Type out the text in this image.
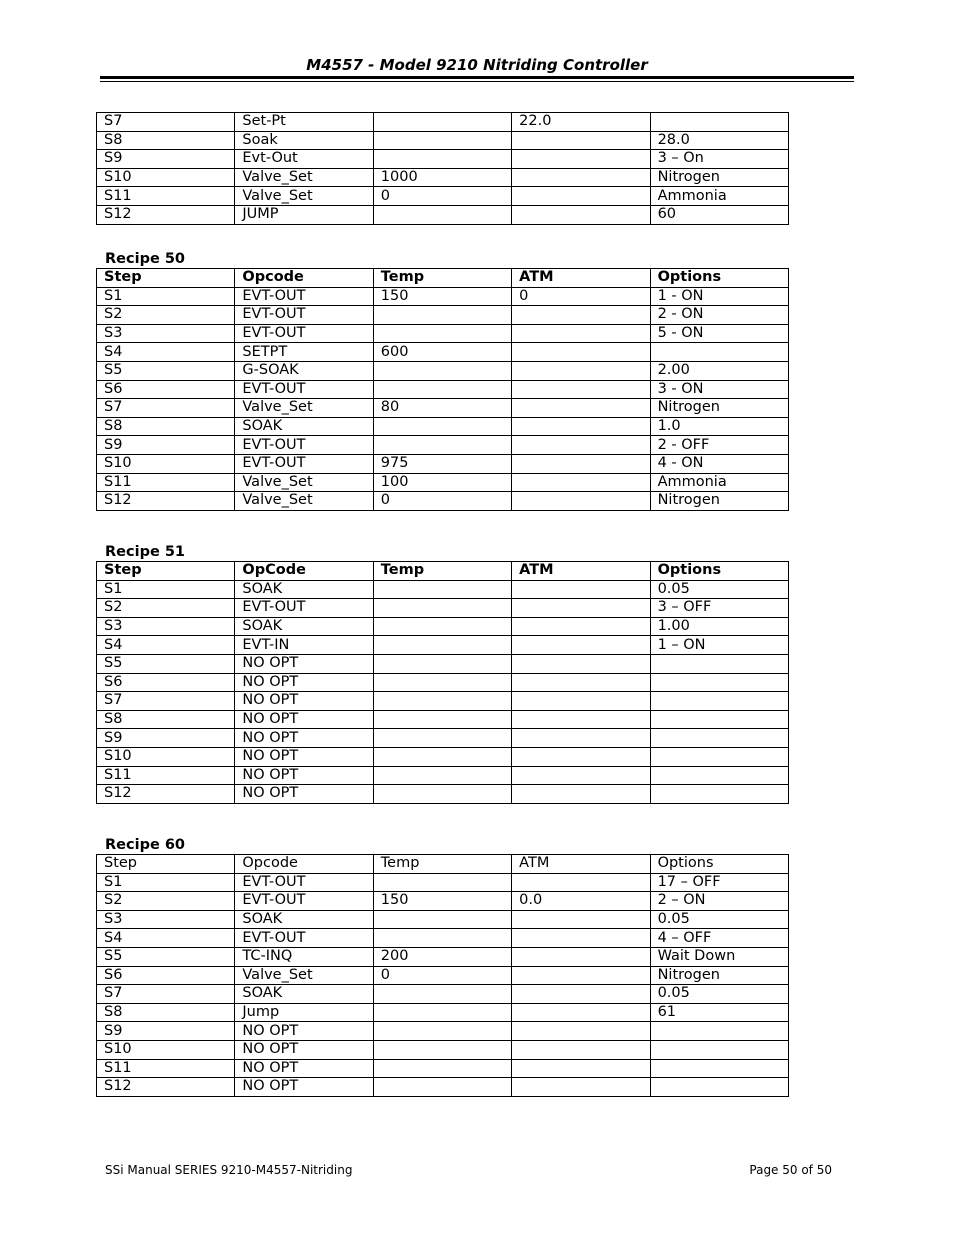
M4557 - Model 9210 Nitriding Controller
S7	Set-Pt		22.0	
S8	Soak			28.0
S9	Evt-Out			3 – On
S10	Valve_Set	1000		Nitrogen
S11	Valve_Set	0		Ammonia
S12	JUMP			60
Recipe 50
Step	Opcode	Temp	ATM	Options
S1	EVT-OUT	150	0	1 - ON
S2	EVT-OUT			2 - ON
S3	EVT-OUT			5 - ON
S4	SETPT	600		
S5	G-SOAK			2.00
S6	EVT-OUT			3 - ON
S7	Valve_Set	80		Nitrogen
S8	SOAK			1.0
S9	EVT-OUT			2 - OFF
S10	EVT-OUT	975		4 - ON
S11	Valve_Set	100		Ammonia
S12	Valve_Set	0		Nitrogen
Recipe 51
Step	OpCode	Temp	ATM	Options
S1	SOAK			0.05
S2	EVT-OUT			3 – OFF
S3	SOAK			1.00
S4	EVT-IN			1 – ON
S5	NO OPT			
S6	NO OPT			
S7	NO OPT			
S8	NO OPT			
S9	NO OPT			
S10	NO OPT			
S11	NO OPT			
S12	NO OPT			
Recipe 60
Step	Opcode	Temp	ATM	Options
S1	EVT-OUT			17 – OFF
S2	EVT-OUT	150	0.0	2 – ON
S3	SOAK			0.05
S4	EVT-OUT			4 – OFF
S5	TC-INQ	200		Wait Down
S6	Valve_Set	0		Nitrogen
S7	SOAK			0.05
S8	Jump			61
S9	NO OPT			
S10	NO OPT			
S11	NO OPT			
S12	NO OPT			
SSi Manual SERIES 9210-M4557-Nitriding	Page 50 of 50
